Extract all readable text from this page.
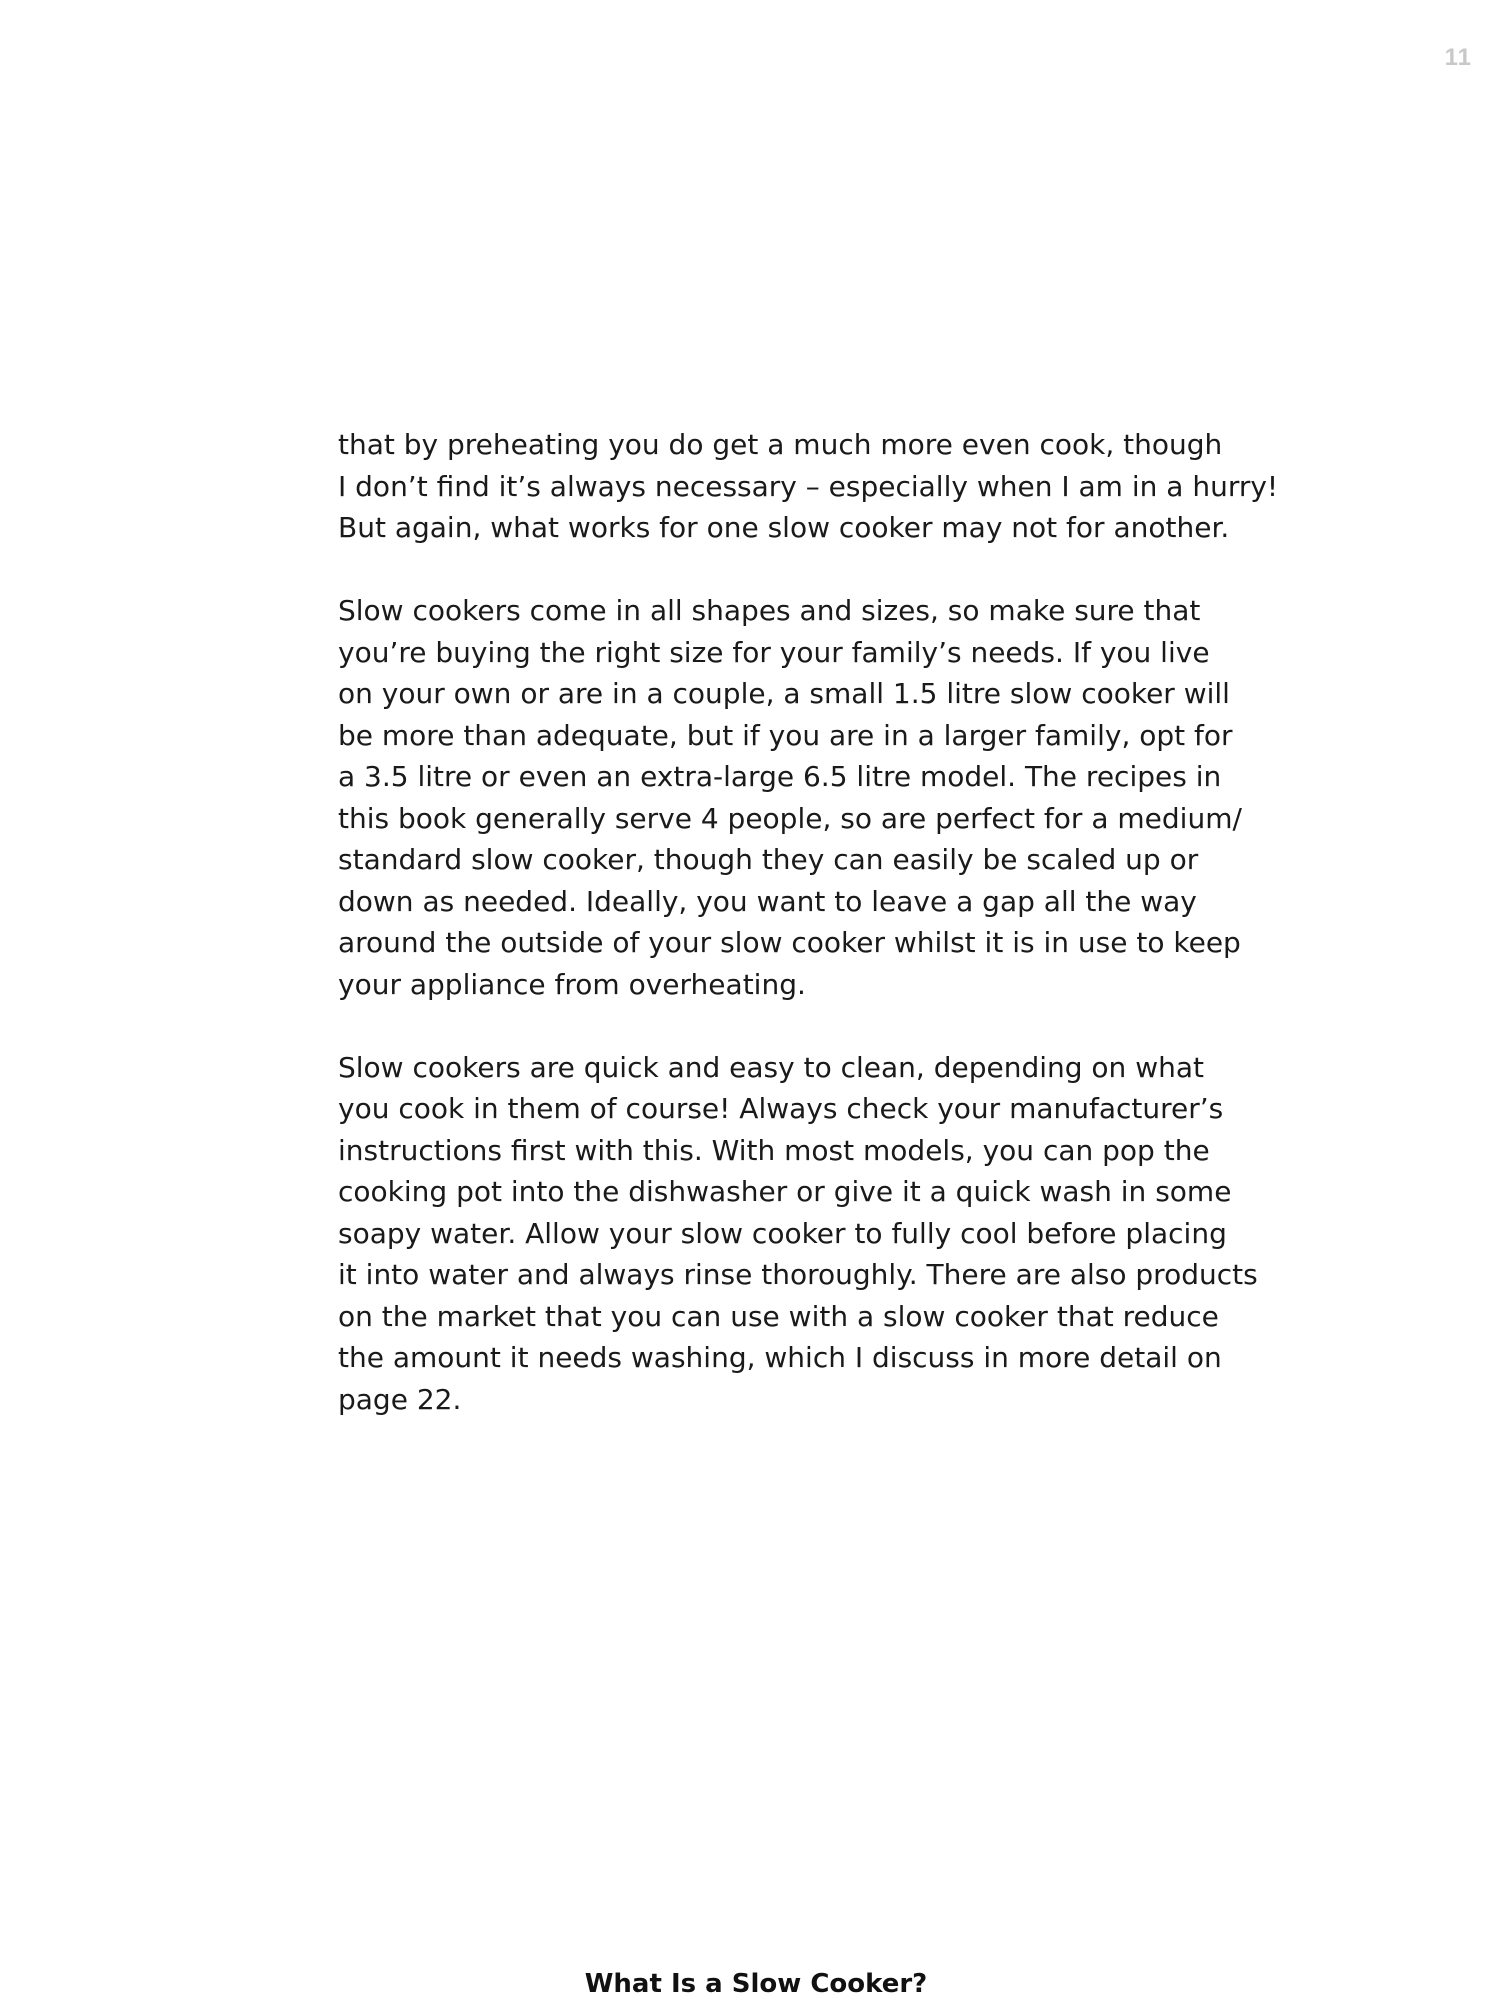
11
that by preheating you do get a much more even cook, though
I don’t find it’s always necessary – especially when I am in a hurry!
But again, what works for one slow cooker may not for another.
Slow cookers come in all shapes and sizes, so make sure that
you’re buying the right size for your family’s needs. If you live
on your own or are in a couple, a small 1.5 litre slow cooker will
be more than adequate, but if you are in a larger family, opt for
a 3.5 litre or even an extra-large 6.5 litre model. The recipes in
this book generally serve 4 people, so are perfect for a medium/
standard slow cooker, though they can easily be scaled up or
down as needed. Ideally, you want to leave a gap all the way
around the outside of your slow cooker whilst it is in use to keep
your appliance from overheating.
Slow cookers are quick and easy to clean, depending on what
you cook in them of course! Always check your manufacturer’s
instructions first with this. With most models, you can pop the
cooking pot into the dishwasher or give it a quick wash in some
soapy water. Allow your slow cooker to fully cool before placing
it into water and always rinse thoroughly. There are also products
on the market that you can use with a slow cooker that reduce
the amount it needs washing, which I discuss in more detail on
page 22.
What Is a Slow Cooker?
